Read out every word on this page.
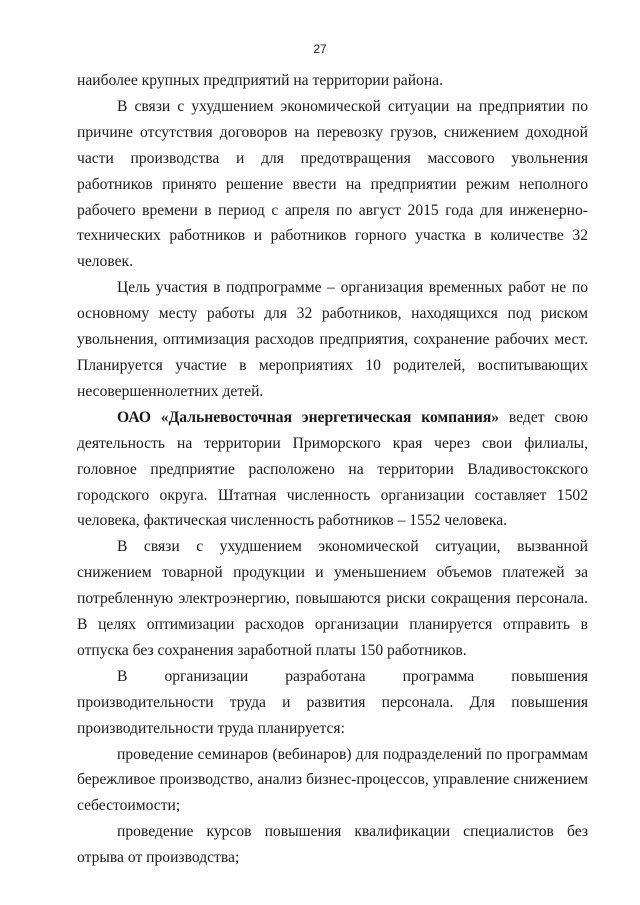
27

наиболее крупных предприятий на территории района.

В связи с ухудшением экономической ситуации на предприятии по причине отсутствия договоров на перевозку грузов, снижением доходной части производства и для предотвращения массового увольнения работников принято решение ввести на предприятии режим неполного рабочего времени в период с апреля по август 2015 года для инженерно-технических работников и работников горного участка в количестве 32 человек.

Цель участия в подпрограмме – организация временных работ не по основному месту работы для 32 работников, находящихся под риском увольнения, оптимизация расходов предприятия, сохранение рабочих мест. Планируется участие в мероприятиях 10 родителей, воспитывающих несовершеннолетних детей.

ОАО «Дальневосточная энергетическая компания» ведет свою деятельность на территории Приморского края через свои филиалы, головное предприятие расположено на территории Владивостокского городского округа. Штатная численность организации составляет 1502 человека, фактическая численность работников – 1552 человека.

В связи с ухудшением экономической ситуации, вызванной снижением товарной продукции и уменьшением объемов платежей за потребленную электроэнергию, повышаются риски сокращения персонала. В целях оптимизации расходов организации планируется отправить в отпуска без сохранения заработной платы 150 работников.

В организации разработана программа повышения производительности труда и развития персонала. Для повышения производительности труда планируется:

проведение семинаров (вебинаров) для подразделений по программам бережливое производство, анализ бизнес-процессов, управление снижением себестоимости;

проведение курсов повышения квалификации специалистов без отрыва от производства;
